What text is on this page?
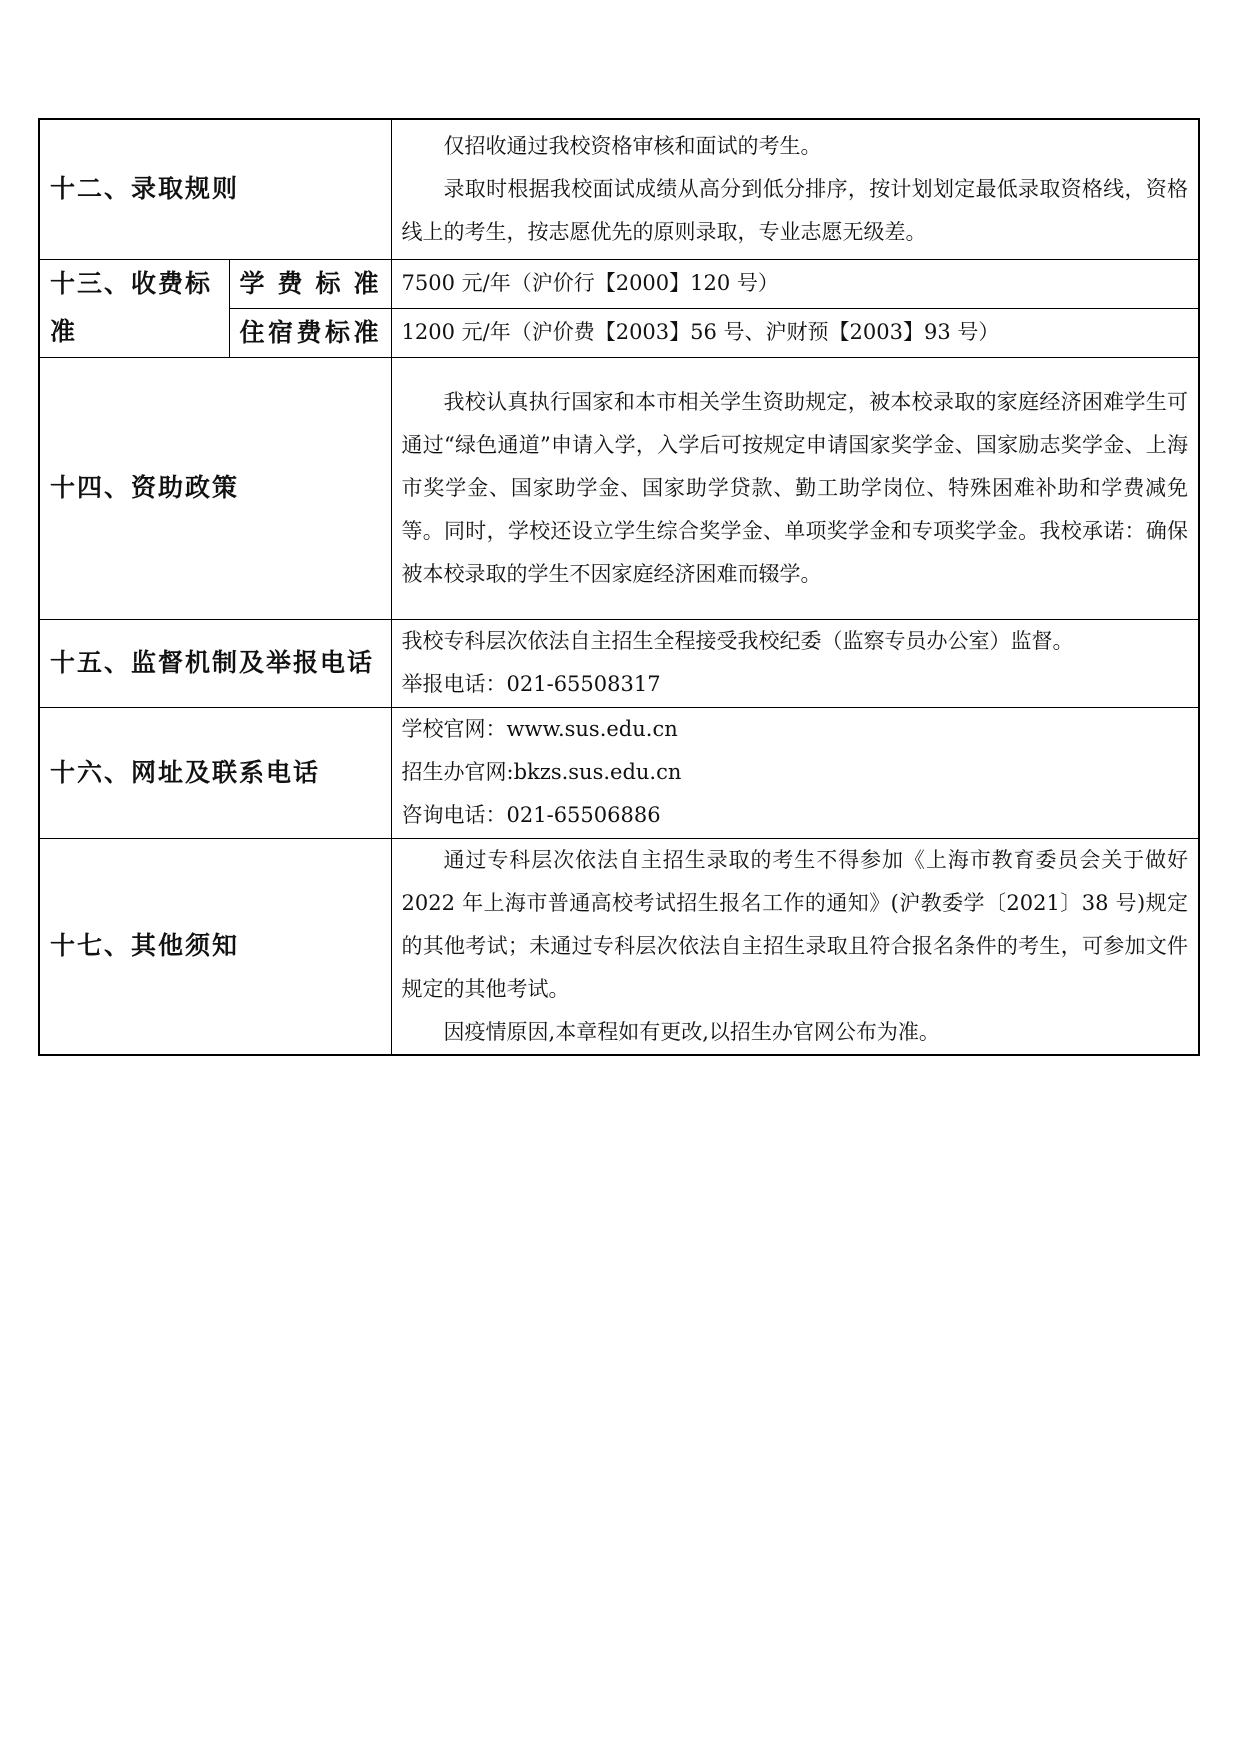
十二、录取规则		仅招收通过我校资格审核和面试的考生。

录取时根据我校面试成绩从高分到低分排序，按计划划定最低录取资格线，资格线上的考生，按志愿优先的原则录取，专业志愿无级差。

十三、收费标准	学费标准	7500 元/年（沪价行【2000】120 号）
	住宿费标准	1200 元/年（沪价费【2003】56 号、沪财预【2003】93 号）
十四、资助政策		我校认真执行国家和本市相关学生资助规定，被本校录取的家庭经济困难学生可通过“绿色通道”申请入学，入学后可按规定申请国家奖学金、国家励志奖学金、上海市奖学金、国家助学金、国家助学贷款、勤工助学岗位、特殊困难补助和学费减免等。同时，学校还设立学生综合奖学金、单项奖学金和专项奖学金。我校承诺：确保被本校录取的学生不因家庭经济困难而辍学。

十五、监督机制及举报电话		我校专科层次依法自主招生全程接受我校纪委（监察专员办公室）监督。

举报电话：021-65508317

十六、网址及联系电话		学校官网：www.sus.edu.cn

招生办官网:bkzs.sus.edu.cn

咨询电话：021-65506886

十七、其他须知		通过专科层次依法自主招生录取的考生不得参加《上海市教育委员会关于做好 2022 年上海市普通高校考试招生报名工作的通知》(沪教委学〔2021〕38 号)规定的其他考试；未通过专科层次依法自主招生录取且符合报名条件的考生，可参加文件规定的其他考试。

因疫情原因,本章程如有更改,以招生办官网公布为准。
